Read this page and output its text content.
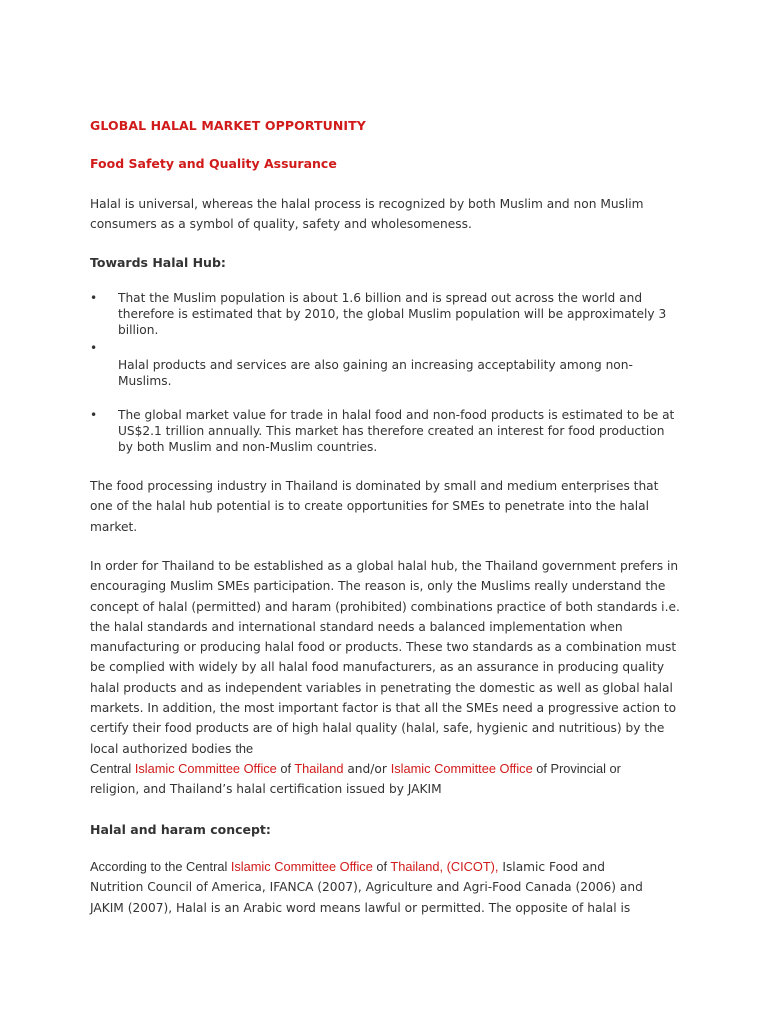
GLOBAL HALAL MARKET OPPORTUNITY
Food Safety and Quality Assurance
Halal is universal, whereas the halal process is recognized by both Muslim and non Muslim consumers as a symbol of quality, safety and wholesomeness.
Towards Halal Hub:
• That the Muslim population is about 1.6 billion and is spread out across the world and therefore is estimated that by 2010, the global Muslim population will be approximately 3 billion.
•
Halal products and services are also gaining an increasing acceptability among non-Muslims.
• The global market value for trade in halal food and non-food products is estimated to be at US$2.1 trillion annually. This market has therefore created an interest for food production by both Muslim and non-Muslim countries.
The food processing industry in Thailand is dominated by small and medium enterprises that one of the halal hub potential is to create opportunities for SMEs to penetrate into the halal market.
In order for Thailand to be established as a global halal hub, the Thailand government prefers in encouraging Muslim SMEs participation. The reason is, only the Muslims really understand the concept of halal (permitted) and haram (prohibited) combinations practice of both standards i.e. the halal standards and international standard needs a balanced implementation when manufacturing or producing halal food or products. These two standards as a combination must be complied with widely by all halal food manufacturers, as an assurance in producing quality halal products and as independent variables in penetrating the domestic as well as global halal markets. In addition, the most important factor is that all the SMEs need a progressive action to certify their food products are of high halal quality (halal, safe, hygienic and nutritious) by the local authorized bodies the
Central Islamic Committee Office of Thailand and/or Islamic Committee Office of Provincial or
religion, and Thailand’s halal certification issued by JAKIM
Halal and haram concept:
According to the Central Islamic Committee Office of Thailand, (CICOT), Islamic Food and
Nutrition Council of America, IFANCA (2007), Agriculture and Agri-Food Canada (2006) and JAKIM (2007), Halal is an Arabic word means lawful or permitted. The opposite of halal is
